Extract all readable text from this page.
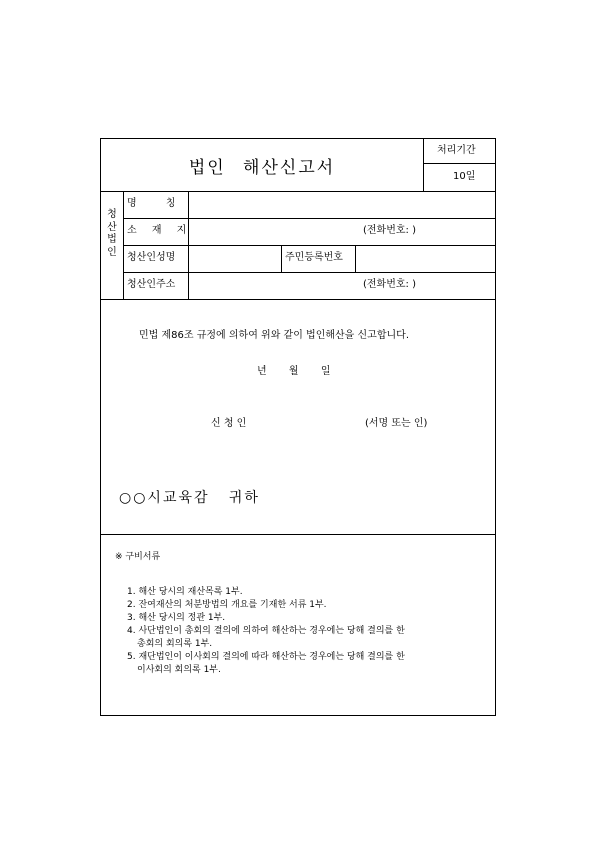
법인 해산신고서
처리기간
10일
청
산
법
인
명 칭
소 재 지	(전화번호: )
청산인성명	주민등록번호
청산인주소	(전화번호: )
민법 제86조 규정에 의하여 위와 같이 법인해산을 신고합니다.
년       월       일
신 청 인	(서명 또는 인)
○○시교육감   귀하
※ 구비서류
1. 해산 당시의 재산목록 1부.
2. 잔여재산의 처분방법의 개요를 기재한 서류 1부.
3. 해산 당시의 정관 1부.
4. 사단법인이 총회의 결의에 의하여 해산하는 경우에는 당해 결의를 한
총회의 회의록 1부.
5. 재단법인이 이사회의 결의에 따라 해산하는 경우에는 당해 결의를 한
이사회의 회의록 1부.
